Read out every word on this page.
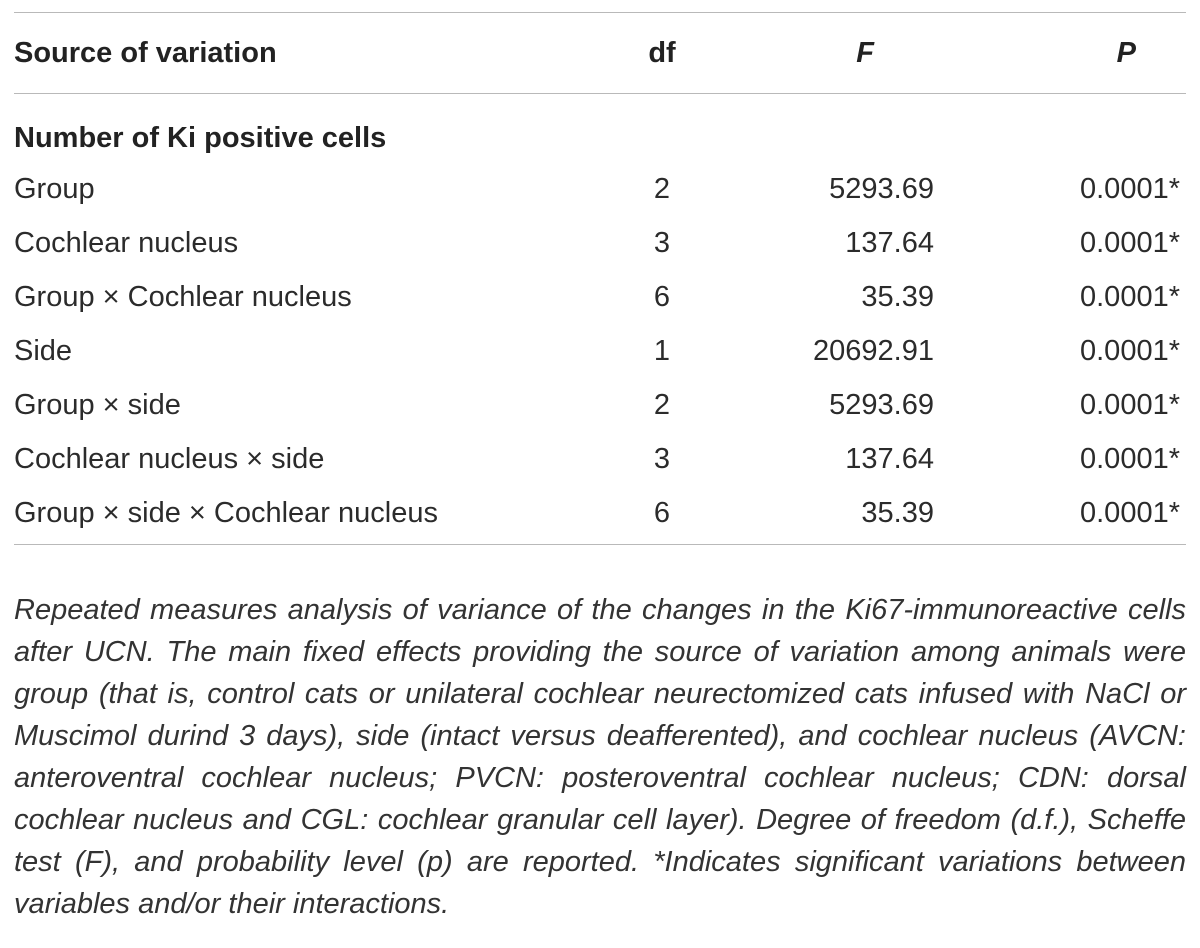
Source of variation	df	F	P
Number of Ki positive cells
Group	2	5293.69	0.0001*
Cochlear nucleus	3	137.64	0.0001*
Group × Cochlear nucleus	6	35.39	0.0001*
Side	1	20692.91	0.0001*
Group × side	2	5293.69	0.0001*
Cochlear nucleus × side	3	137.64	0.0001*
Group × side × Cochlear nucleus	6	35.39	0.0001*

Repeated measures analysis of variance of the changes in the Ki67-immunoreactive cells after UCN. The main fixed effects providing the source of variation among animals were group (that is, control cats or unilateral cochlear neurectomized cats infused with NaCl or Muscimol durind 3 days), side (intact versus deafferented), and cochlear nucleus (AVCN: anteroventral cochlear nucleus; PVCN: posteroventral cochlear nucleus; CDN: dorsal cochlear nucleus and CGL: cochlear granular cell layer). Degree of freedom (d.f.), Scheffe test (F), and probability level (p) are reported. *Indicates significant variations between variables and/or their interactions.
